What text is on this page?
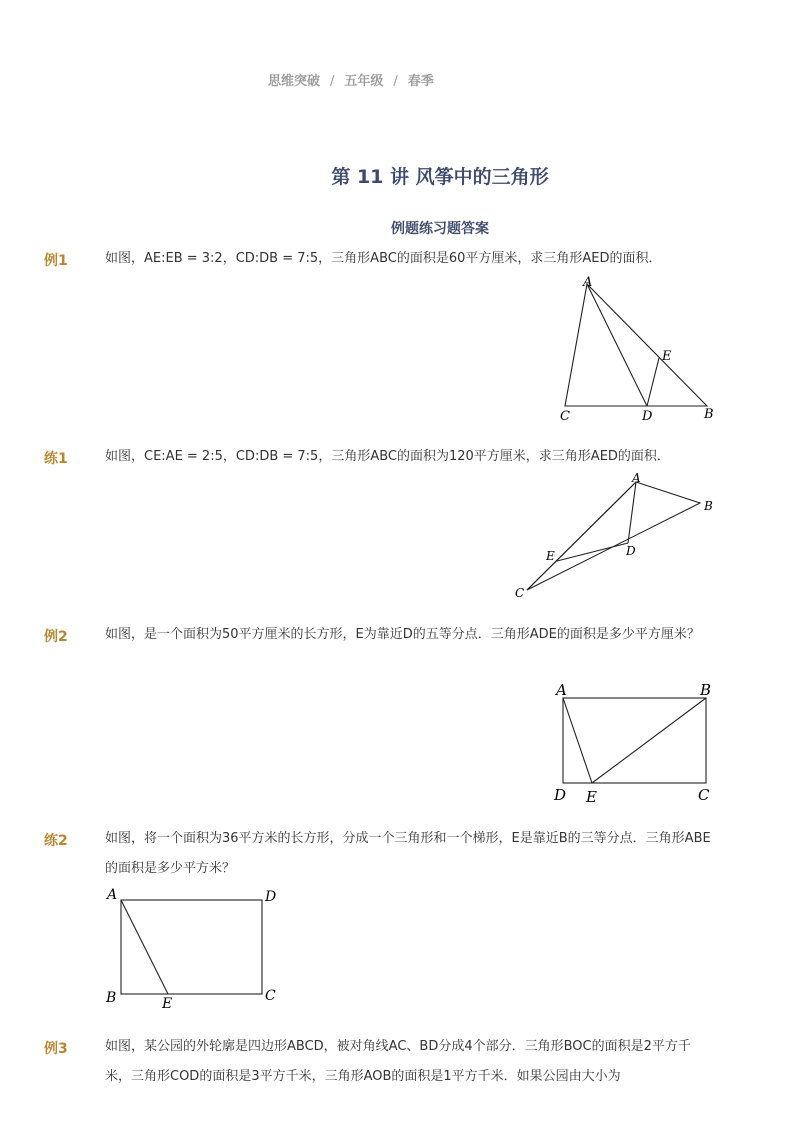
思维突破 / 五年级 / 春季
第 11 讲 风筝中的三角形
例题练习题答案
例1	如图，AE:EB = 3:2，CD:DB = 7:5，三角形ABC的面积是60平方厘米，求三角形AED的面积．
A
E
C	D	B
练1	如图，CE:AE = 2:5，CD:DB = 7:5，三角形ABC的面积为120平方厘米，求三角形AED的面积．
A
B
E	D
C
例2	如图，是一个面积为50平方厘米的长方形，E为靠近D的五等分点．三角形ADE的面积是多少平方厘米？
A	B
D E	C
练2	如图，将一个面积为36平方米的长方形，分成一个三角形和一个梯形，E是靠近B的三等分点．三角形ABE的面积是多少平方米？
A	D
B	E	C
例3	如图，某公园的外轮廓是四边形ABCD，被对角线AC、BD分成4个部分．三角形BOC的面积是2平方千米，三角形COD的面积是3平方千米，三角形AOB的面积是1平方千米．如果公园由大小为
